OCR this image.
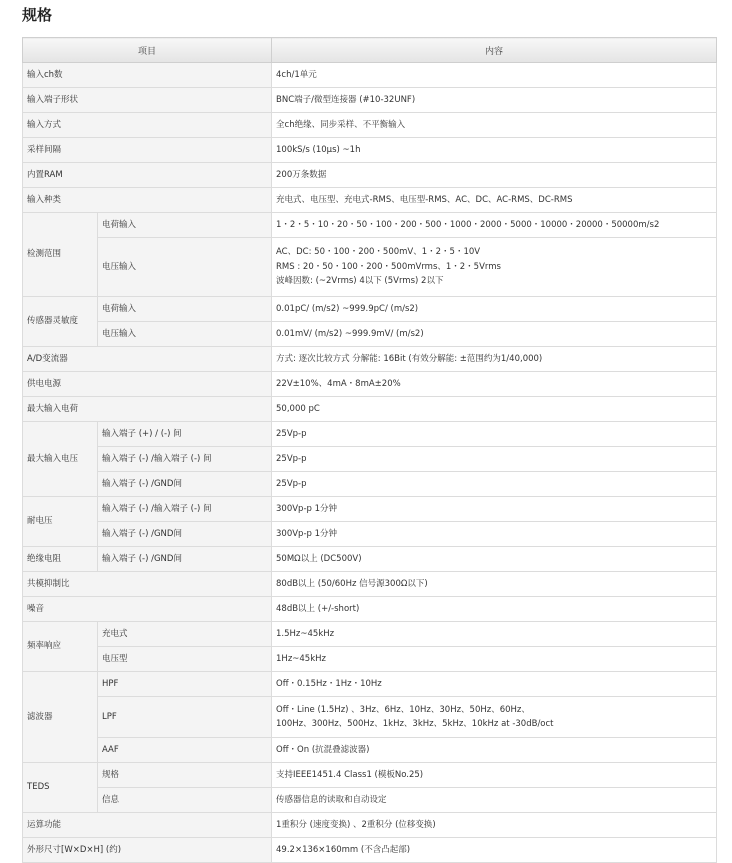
规格
项目		内容
输入ch数		4ch/1单元
输入端子形状		BNC端子/微型连接器 (#10-32UNF)
输入方式		全ch绝缘、同步采样、不平衡输入
采样间隔		100kS/s (10μs) ~1h
内置RAM		200万条数据
输入种类		充电式、电压型、充电式-RMS、电压型-RMS、AC、DC、AC-RMS、DC-RMS
检测范围	电荷输入	1・2・5・10・20・50・100・200・500・1000・2000・5000・10000・20000・50000m/s2
	电压输入	AC、DC: 50・100・200・500mV、1・2・5・10V
RMS : 20・50・100・200・500mVrms、1・2・5Vrms
波峰因数: (~2Vrms) 4以下 (5Vrms) 2以下

传感器灵敏度	电荷输入	0.01pC/ (m/s2) ~999.9pC/ (m/s2)
	电压输入	0.01mV/ (m/s2) ~999.9mV/ (m/s2)
A/D变流器		方式: 逐次比较方式 分解能: 16Bit (有效分解能: ±范围约为1/40,000)
供电电源		22V±10%、4mA・8mA±20%
最大输入电荷		50,000 pC
最大输入电压	输入端子 (+) / (-) 间	25Vp-p
	输入端子 (-) /输入端子 (-) 间	25Vp-p
	输入端子 (-) /GND间	25Vp-p
耐电压	输入端子 (-) /输入端子 (-) 间	300Vp-p 1分钟
	输入端子 (-) /GND间	300Vp-p 1分钟
绝缘电阻	输入端子 (-) /GND间	50MΩ以上 (DC500V)
共模抑制比		80dB以上 (50/60Hz 信号源300Ω以下)
噪音		48dB以上 (+/-short)
频率响应	充电式	1.5Hz~45kHz
	电压型	1Hz~45kHz
滤波器	HPF	Off・0.15Hz・1Hz・10Hz
	LPF	Off・Line (1.5Hz) 、3Hz、6Hz、10Hz、30Hz、50Hz、60Hz、
100Hz、300Hz、500Hz、1kHz、3kHz、5kHz、10kHz at -30dB/oct

	AAF	Off・On (抗混叠滤波器)
TEDS	规格	支持IEEE1451.4 Class1 (模板No.25)
	信息	传感器信息的读取和自动设定
运算功能		1重积分 (速度变换) 、2重积分 (位移变换)
外形尺寸[W×D×H] (约)		49.2×136×160mm (不含凸起部)
